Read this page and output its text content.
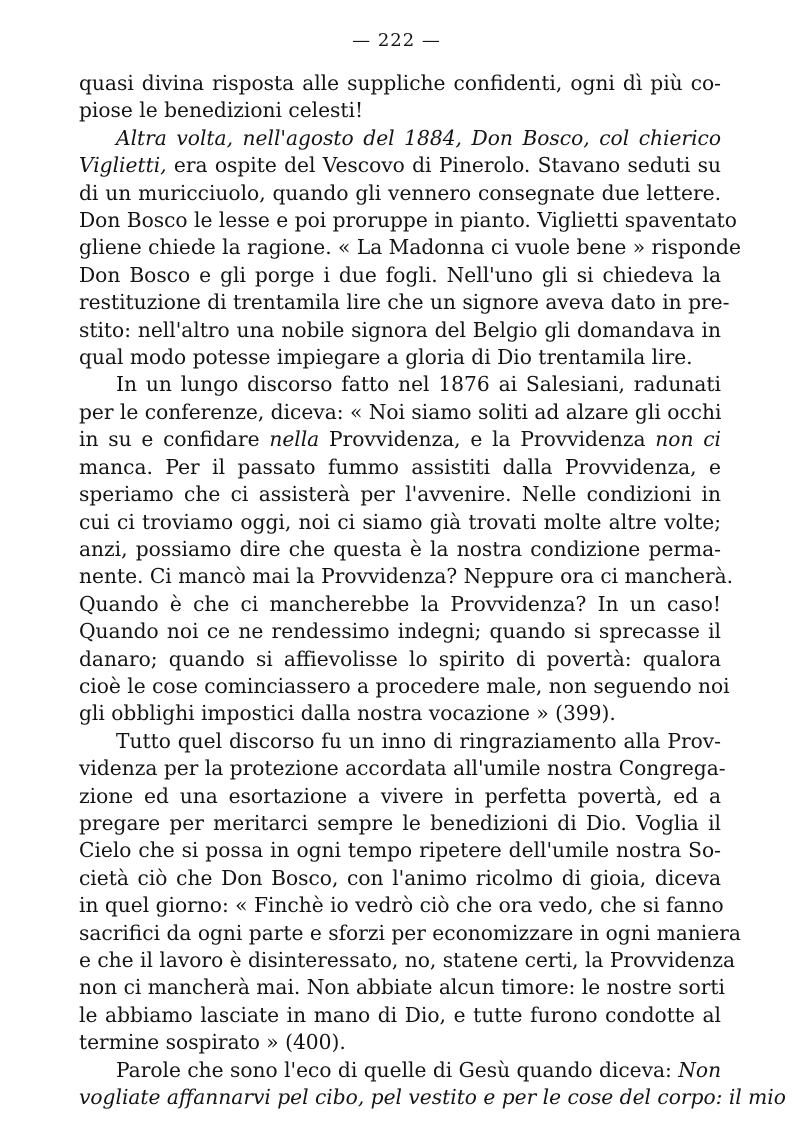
— 222 —
quasi divina risposta alle suppliche confidenti, ogni dì più co-
piose le benedizioni celesti!
Altra volta, nell'agosto del 1884, Don Bosco, col chierico
Viglietti, era ospite del Vescovo di Pinerolo. Stavano seduti su
di un muricciuolo, quando gli vennero consegnate due lettere.
Don Bosco le lesse e poi proruppe in pianto. Viglietti spaventato
gliene chiede la ragione. « La Madonna ci vuole bene » risponde
Don Bosco e gli porge i due fogli. Nell'uno gli si chiedeva la
restituzione di trentamila lire che un signore aveva dato in pre-
stito: nell'altro una nobile signora del Belgio gli domandava in
qual modo potesse impiegare a gloria di Dio trentamila lire.
In un lungo discorso fatto nel 1876 ai Salesiani, radunati
per le conferenze, diceva: « Noi siamo soliti ad alzare gli occhi
in su e confidare nella Provvidenza, e la Provvidenza non ci
manca. Per il passato fummo assistiti dalla Provvidenza, e
speriamo che ci assisterà per l'avvenire. Nelle condizioni in
cui ci troviamo oggi, noi ci siamo già trovati molte altre volte;
anzi, possiamo dire che questa è la nostra condizione perma-
nente. Ci mancò mai la Provvidenza? Neppure ora ci mancherà.
Quando è che ci mancherebbe la Provvidenza? In un caso!
Quando noi ce ne rendessimo indegni; quando si sprecasse il
danaro; quando si affievolisse lo spirito di povertà: qualora
cioè le cose cominciassero a procedere male, non seguendo noi
gli obblighi impostici dalla nostra vocazione » (399).
Tutto quel discorso fu un inno di ringraziamento alla Prov-
videnza per la protezione accordata all'umile nostra Congrega-
zione ed una esortazione a vivere in perfetta povertà, ed a
pregare per meritarci sempre le benedizioni di Dio. Voglia il
Cielo che si possa in ogni tempo ripetere dell'umile nostra So-
cietà ciò che Don Bosco, con l'animo ricolmo di gioia, diceva
in quel giorno: « Finchè io vedrò ciò che ora vedo, che si fanno
sacrifici da ogni parte e sforzi per economizzare in ogni maniera
e che il lavoro è disinteressato, no, statene certi, la Provvidenza
non ci mancherà mai. Non abbiate alcun timore: le nostre sorti
le abbiamo lasciate in mano di Dio, e tutte furono condotte al
termine sospirato » (400).
Parole che sono l'eco di quelle di Gesù quando diceva: Non
vogliate affannarvi pel cibo, pel vestito e per le cose del corpo: il mio
